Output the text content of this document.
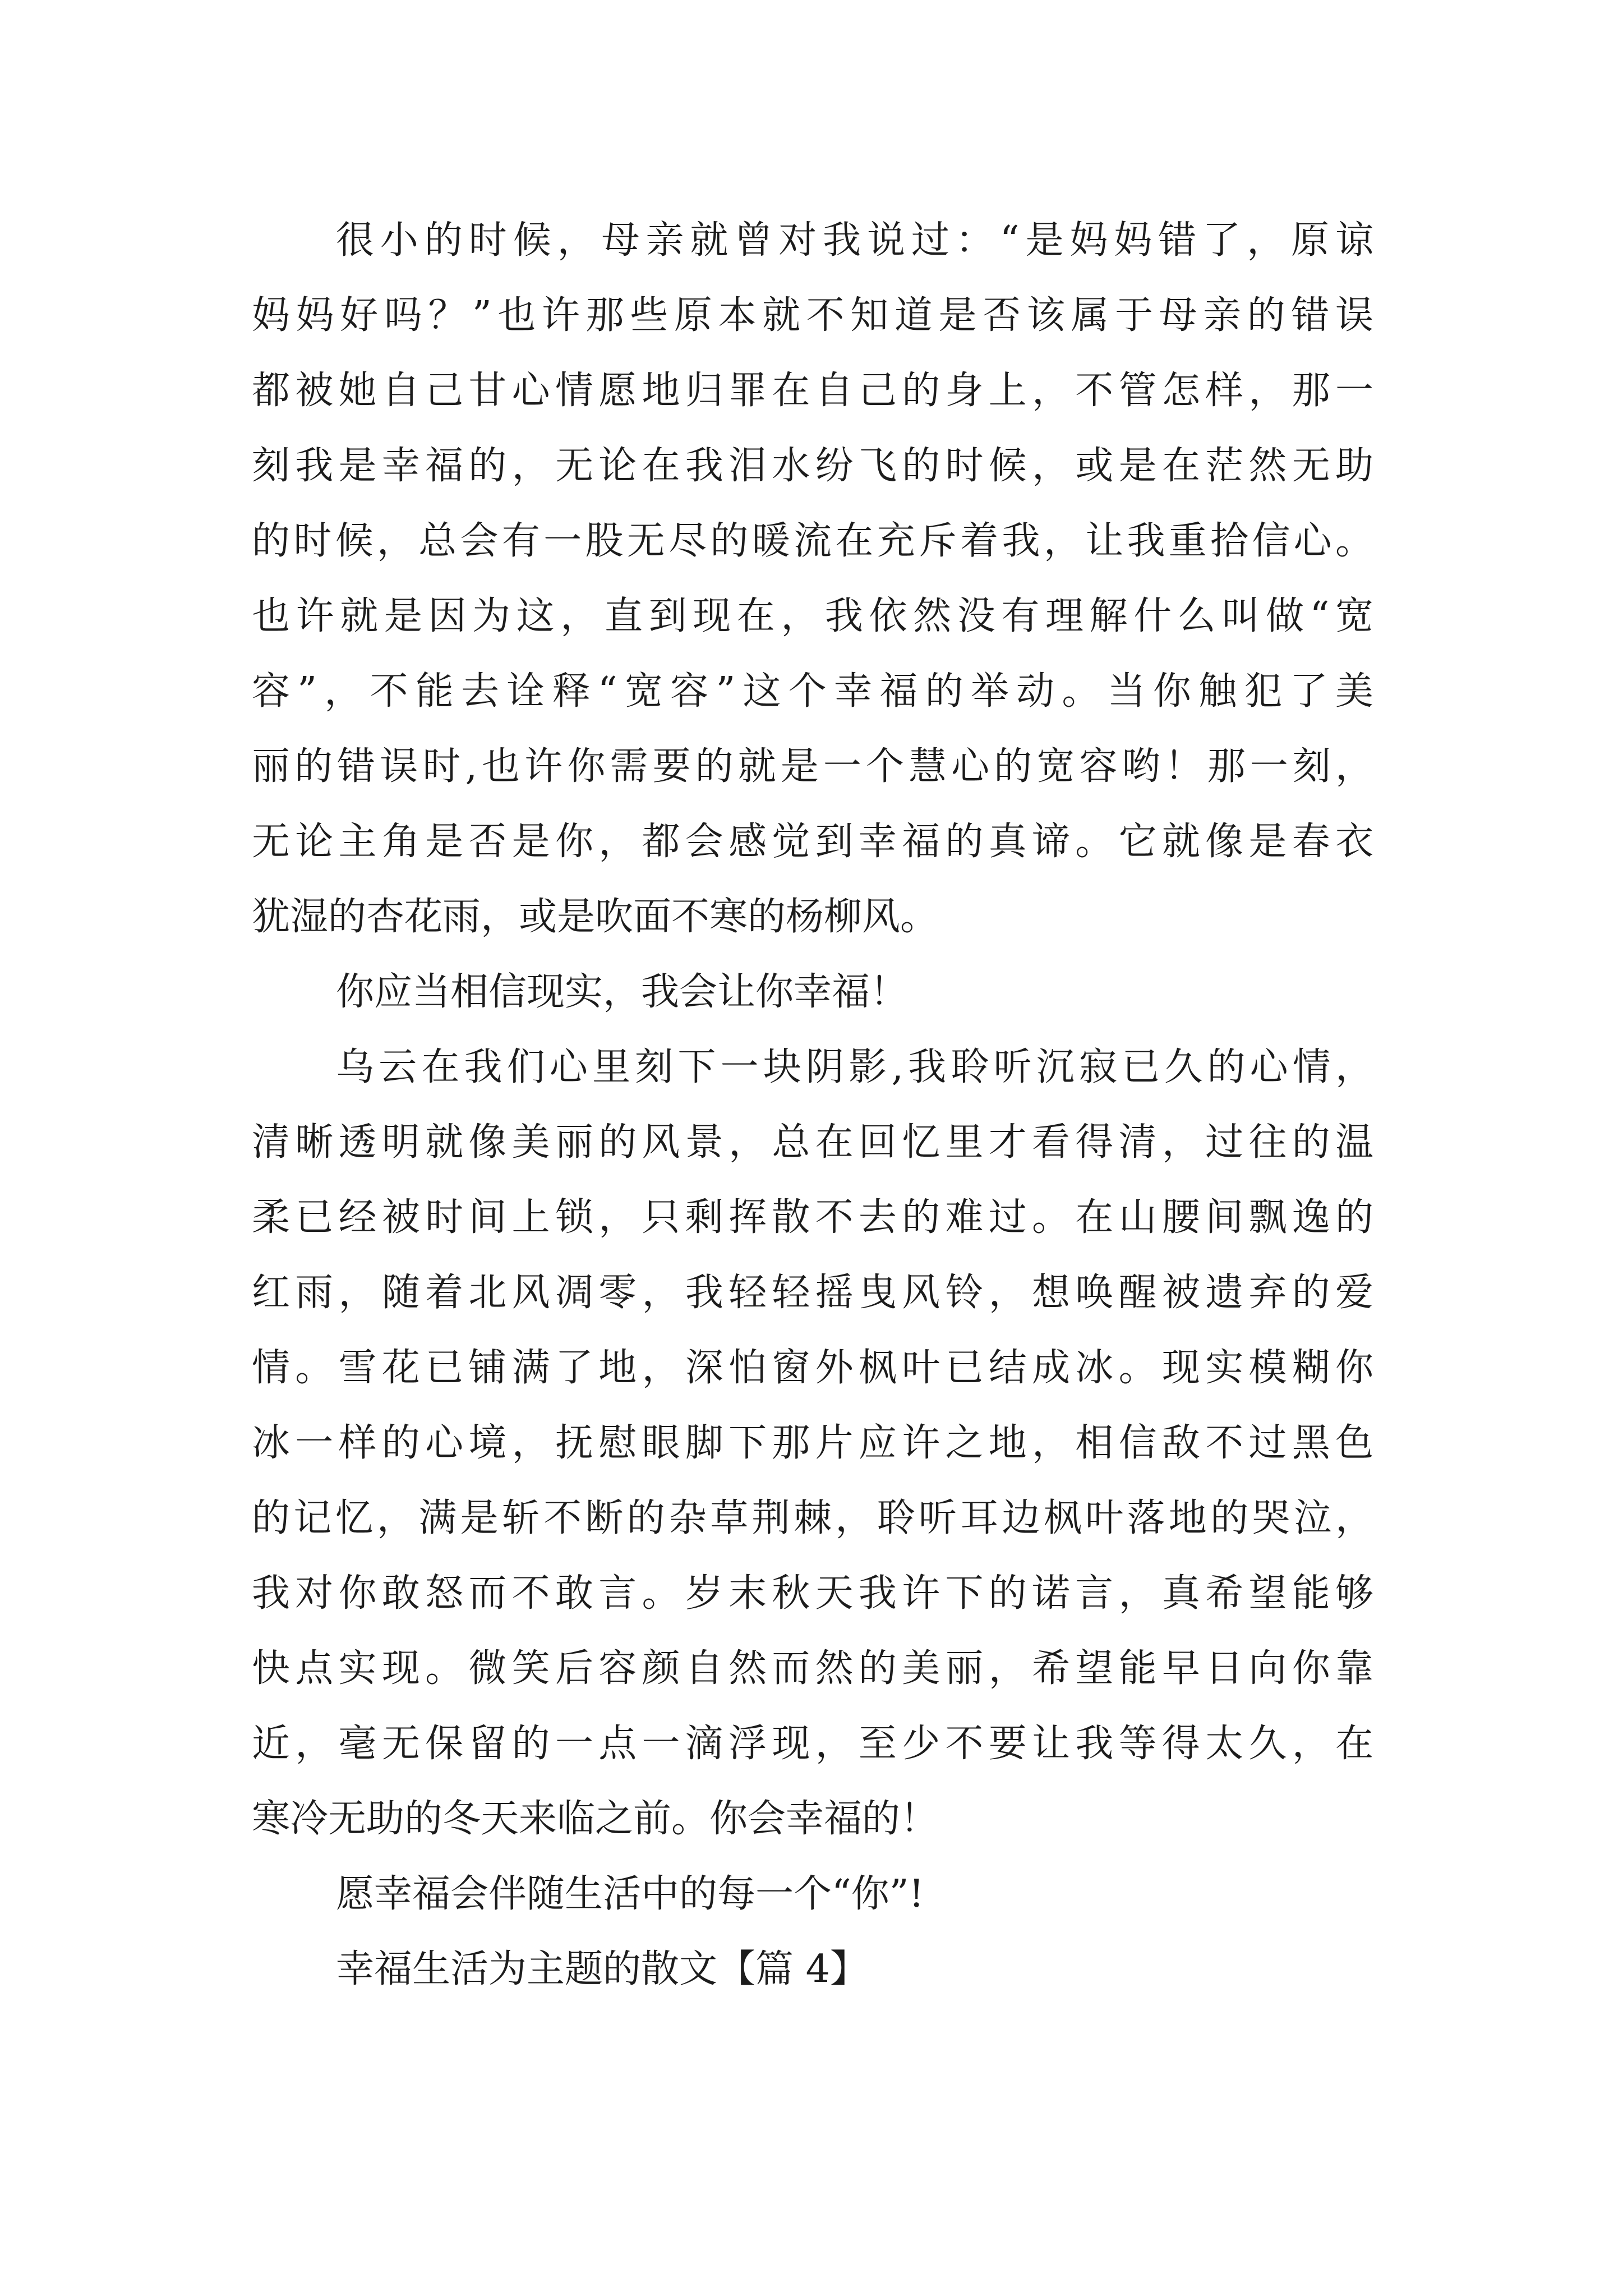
很小的时候，母亲就曾对我说过：“是妈妈错了，原谅
妈妈好吗？”也许那些原本就不知道是否该属于母亲的错误
都被她自己甘心情愿地归罪在自己的身上，不管怎样，那一
刻我是幸福的，无论在我泪水纷飞的时候，或是在茫然无助
的时候，总会有一股无尽的暖流在充斥着我，让我重拾信心。
也许就是因为这，直到现在，我依然没有理解什么叫做“宽
容”，不能去诠释“宽容”这个幸福的举动。当你触犯了美
丽的错误时,也许你需要的就是一个慧心的宽容哟！那一刻，
无论主角是否是你，都会感觉到幸福的真谛。它就像是春衣
犹湿的杏花雨，或是吹面不寒的杨柳风。
你应当相信现实，我会让你幸福！
乌云在我们心里刻下一块阴影,我聆听沉寂已久的心情，
清晰透明就像美丽的风景，总在回忆里才看得清，过往的温
柔已经被时间上锁，只剩挥散不去的难过。在山腰间飘逸的
红雨，随着北风凋零，我轻轻摇曳风铃，想唤醒被遗弃的爱
情。雪花已铺满了地，深怕窗外枫叶已结成冰。现实模糊你
冰一样的心境，抚慰眼脚下那片应许之地，相信敌不过黑色
的记忆，满是斩不断的杂草荆棘，聆听耳边枫叶落地的哭泣，
我对你敢怒而不敢言。岁末秋天我许下的诺言，真希望能够
快点实现。微笑后容颜自然而然的美丽，希望能早日向你靠
近，毫无保留的一点一滴浮现，至少不要让我等得太久，在
寒冷无助的冬天来临之前。你会幸福的！
愿幸福会伴随生活中的每一个“你”!
幸福生活为主题的散文【篇 4】
